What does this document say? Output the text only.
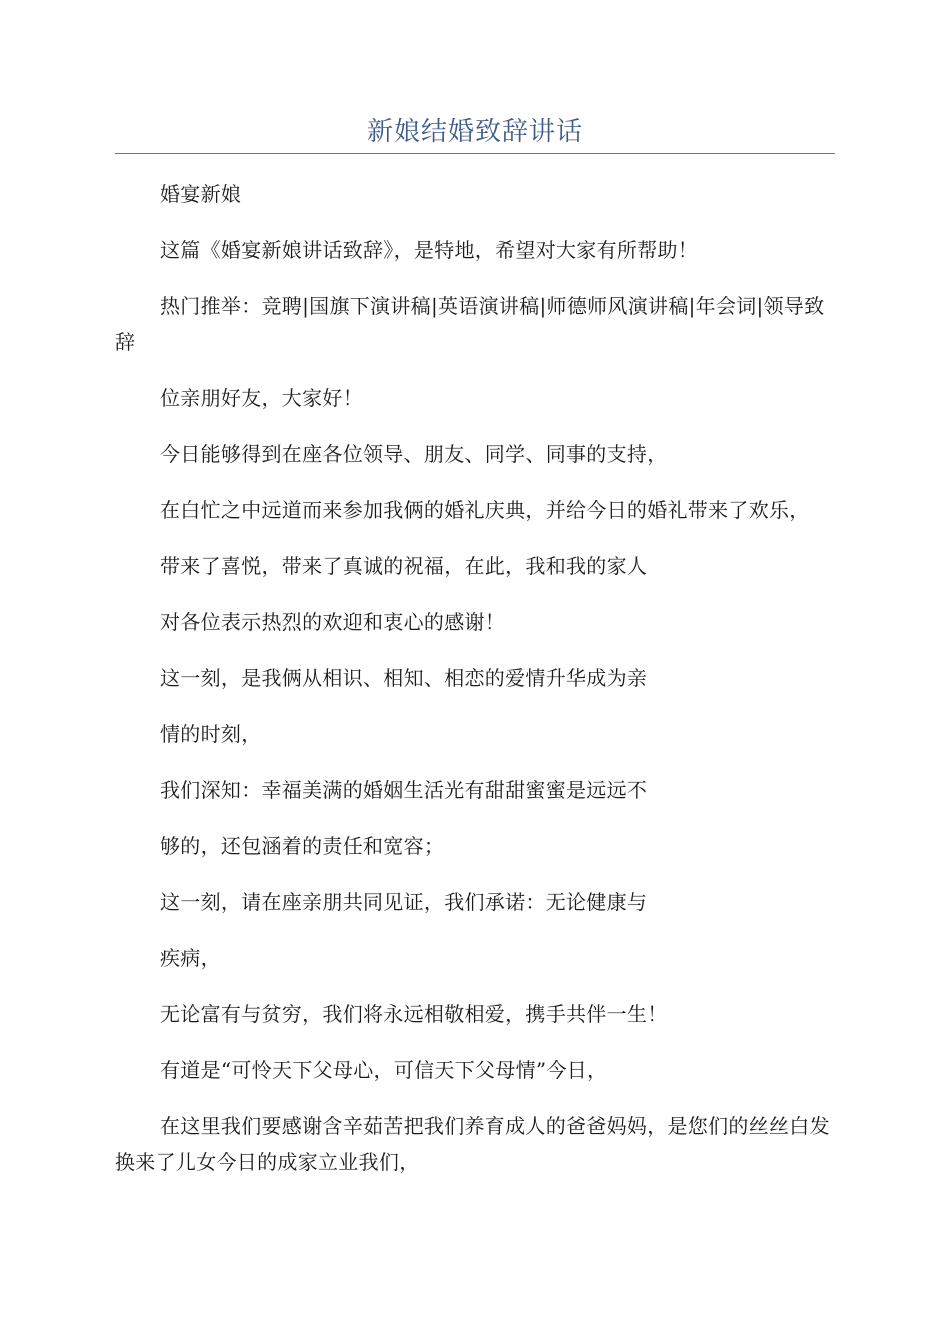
新娘结婚致辞讲话

婚宴新娘

这篇《婚宴新娘讲话致辞》，是特地，希望对大家有所帮助！

热门推举：竞聘|国旗下演讲稿|英语演讲稿|师德师风演讲稿|年会词|领导致辞

位亲朋好友，大家好！

今日能够得到在座各位领导、朋友、同学、同事的支持，

在白忙之中远道而来参加我俩的婚礼庆典，并给今日的婚礼带来了欢乐，

带来了喜悦，带来了真诚的祝福，在此，我和我的家人

对各位表示热烈的欢迎和衷心的感谢！

这一刻，是我俩从相识、相知、相恋的爱情升华成为亲

情的时刻，

我们深知：幸福美满的婚姻生活光有甜甜蜜蜜是远远不

够的，还包涵着的责任和宽容；

这一刻，请在座亲朋共同见证，我们承诺：无论健康与

疾病，

无论富有与贫穷，我们将永远相敬相爱，携手共伴一生！

有道是“可怜天下父母心，可信天下父母情”今日，

在这里我们要感谢含辛茹苦把我们养育成人的爸爸妈妈，是您们的丝丝白发换来了儿女今日的成家立业我们，
